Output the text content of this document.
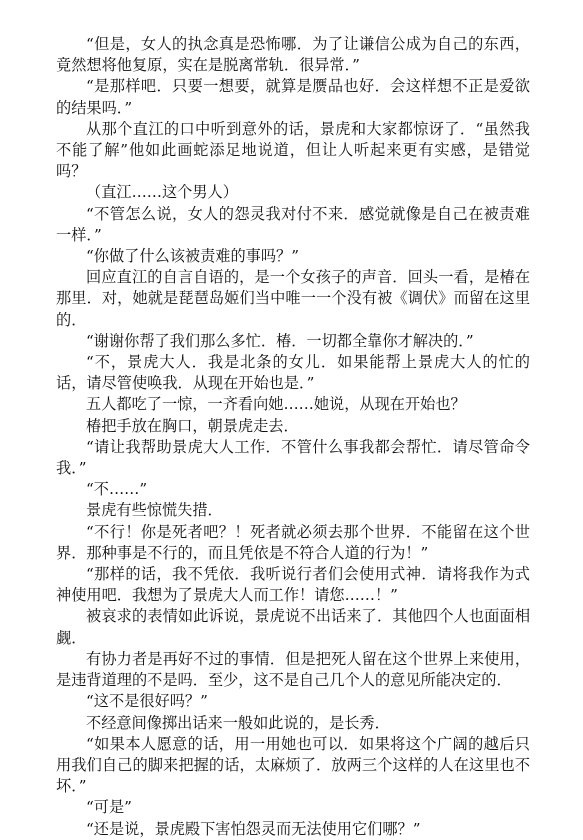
“但是，女人的执念真是恐怖哪．为了让谦信公成为自己的东西，竟然想将他复原，实在是脱离常轨．很异常．”

“是那样吧．只要一想要，就算是赝品也好．会这样想不正是爱欲的结果吗．”

从那个直江的口中听到意外的话，景虎和大家都惊讶了．“虽然我不能了解”他如此画蛇添足地说道，但让人听起来更有实感，是错觉吗？

（直江……这个男人）

“不管怎么说，女人的怨灵我对付不来．感觉就像是自己在被责难一样．”

“你做了什么该被责难的事吗？”

回应直江的自言自语的，是一个女孩子的声音．回头一看，是椿在那里．对，她就是琵琶岛姬们当中唯一一个没有被《调伏》而留在这里的．

“谢谢你帮了我们那么多忙．椿．一切都全靠你才解决的．”

“不，景虎大人．我是北条的女儿．如果能帮上景虎大人的忙的话，请尽管使唤我．从现在开始也是．”

五人都吃了一惊，一齐看向她……她说，从现在开始也？

椿把手放在胸口，朝景虎走去．

“请让我帮助景虎大人工作．不管什么事我都会帮忙．请尽管命令我．”

“不……”

景虎有些惊慌失措．

“不行！你是死者吧？！死者就必须去那个世界．不能留在这个世界．那种事是不行的，而且凭依是不符合人道的行为！”

“那样的话，我不凭依．我听说行者们会使用式神．请将我作为式神使用吧．我想为了景虎大人而工作！请您……！”

被哀求的表情如此诉说，景虎说不出话来了．其他四个人也面面相觑．

有协力者是再好不过的事情．但是把死人留在这个世界上来使用，是违背道理的不是吗．至少，这不是自己几个人的意见所能决定的．

“这不是很好吗？”

不经意间像掷出话来一般如此说的，是长秀．

“如果本人愿意的话，用一用她也可以．如果将这个广阔的越后只用我们自己的脚来把握的话，太麻烦了．放两三个这样的人在这里也不坏．”

“可是”

“还是说，景虎殿下害怕怨灵而无法使用它们哪？”
